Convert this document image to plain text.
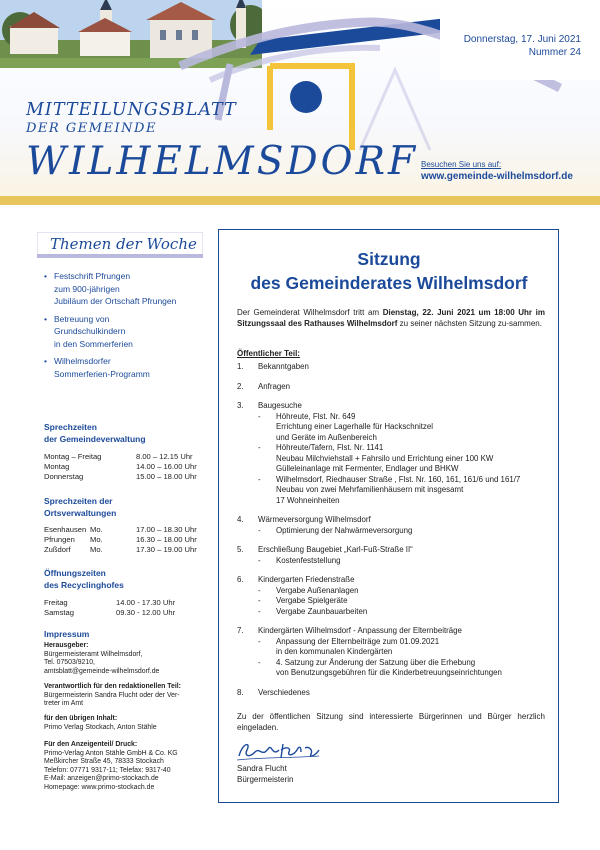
Donnerstag, 17. Juni 2021
Nummer 24
MITTEILUNGSBLATT
DER GEMEINDE
WILHELMSDORF Besuchen Sie uns auf:
www.gemeinde-wilhelmsdorf.de
Themen der Woche
• Festschrift Pfrungen
zum 900-jährigen
Jubiläum der Ortschaft Pfrungen
• Betreuung von
Grundschulkindern
in den Sommerferien
• Wilhelmsdorfer
Sommerferien-Programm
Sprechzeiten
der Gemeindeverwaltung
Montag – Freitag	8.00 – 12.15 Uhr
Montag	14.00 – 16.00 Uhr
Donnerstag	15.00 – 18.00 Uhr
Sprechzeiten der
Ortsverwaltungen
Esenhausen Mo.	17.00 – 18.30 Uhr
Pfrungen	Mo.	16.30 – 18.00 Uhr
Zußdorf	Mo.	17.30 – 19.00 Uhr
Öffnungszeiten
des Recyclinghofes
Freitag	14.00 - 17.30 Uhr
Samstag	09.30 - 12.00 Uhr
Impressum
Herausgeber:
Bürgermeisteramt Wilhelmsdorf,
Tel. 07503/9210,
amtsblatt@gemeinde-wilhelmsdorf.de
Verantwortlich für den redaktionellen Teil:
Bürgermeisterin Sandra Flucht oder der Ver-
treter im Amt
für den übrigen Inhalt:
Primo Verlag Stockach, Anton Stähle
Für den Anzeigenteil/ Druck:
Primo-Verlag Anton Stähle GmbH & Co. KG
Meßkircher Straße 45, 78333 Stockach
Telefon: 07771 9317-11; Telefax: 9317-40
E-Mail: anzeigen@primo-stockach.de
Homepage: www.primo-stockach.de
Sitzung
des Gemeinderates Wilhelmsdorf
Der Gemeinderat Wilhelmsdorf tritt am Dienstag, 22. Juni 2021 um 18:00 Uhr im Sitzungssaal des Rathauses Wilhelmsdorf zu seiner nächsten Sitzung zu-sammen.
Öffentlicher Teil:
1.	Bekanntgaben
2.	Anfragen
3.	Baugesuche
-	Höhreute, Flst. Nr. 649
Errichtung einer Lagerhalle für Hackschnitzel
und Geräte im Außenbereich
-	Höhreute/Tafern, Flst. Nr. 1141
Neubau Milchviehstall + Fahrsilo und Errichtung einer 100 KW
Gülleleinanlage mit Fermenter, Endlager und BHKW
-	Wilhelmsdorf, Riedhauser Straße , Flst. Nr. 160, 161, 161/6 und 161/7
Neubau von zwei Mehrfamilienhäusern mit insgesamt
17 Wohneinheiten
4.	Wärmeversorgung Wilhelmsdorf
-	Optimierung der Nahwärmeversorgung
5.	Erschließung Baugebiet „Karl-Fuß-Straße II“
-	Kostenfeststellung
6.	Kindergarten Friedenstraße
-	Vergabe Außenanlagen
-	Vergabe Spielgeräte
-	Vergabe Zaunbauarbeiten
7.	Kindergärten Wilhelmsdorf - Anpassung der Elternbeiträge
-	Anpassung der Elternbeiträge zum 01.09.2021
in den kommunalen Kindergärten
-	4. Satzung zur Änderung der Satzung über die Erhebung
von Benutzungsgebühren für die Kinderbetreuungseinrichtungen
8.	Verschiedenes
Zu der öffentlichen Sitzung sind interessierte Bürgerinnen und Bürger herzlich eingeladen.
Sandra Flucht
Bürgermeisterin
